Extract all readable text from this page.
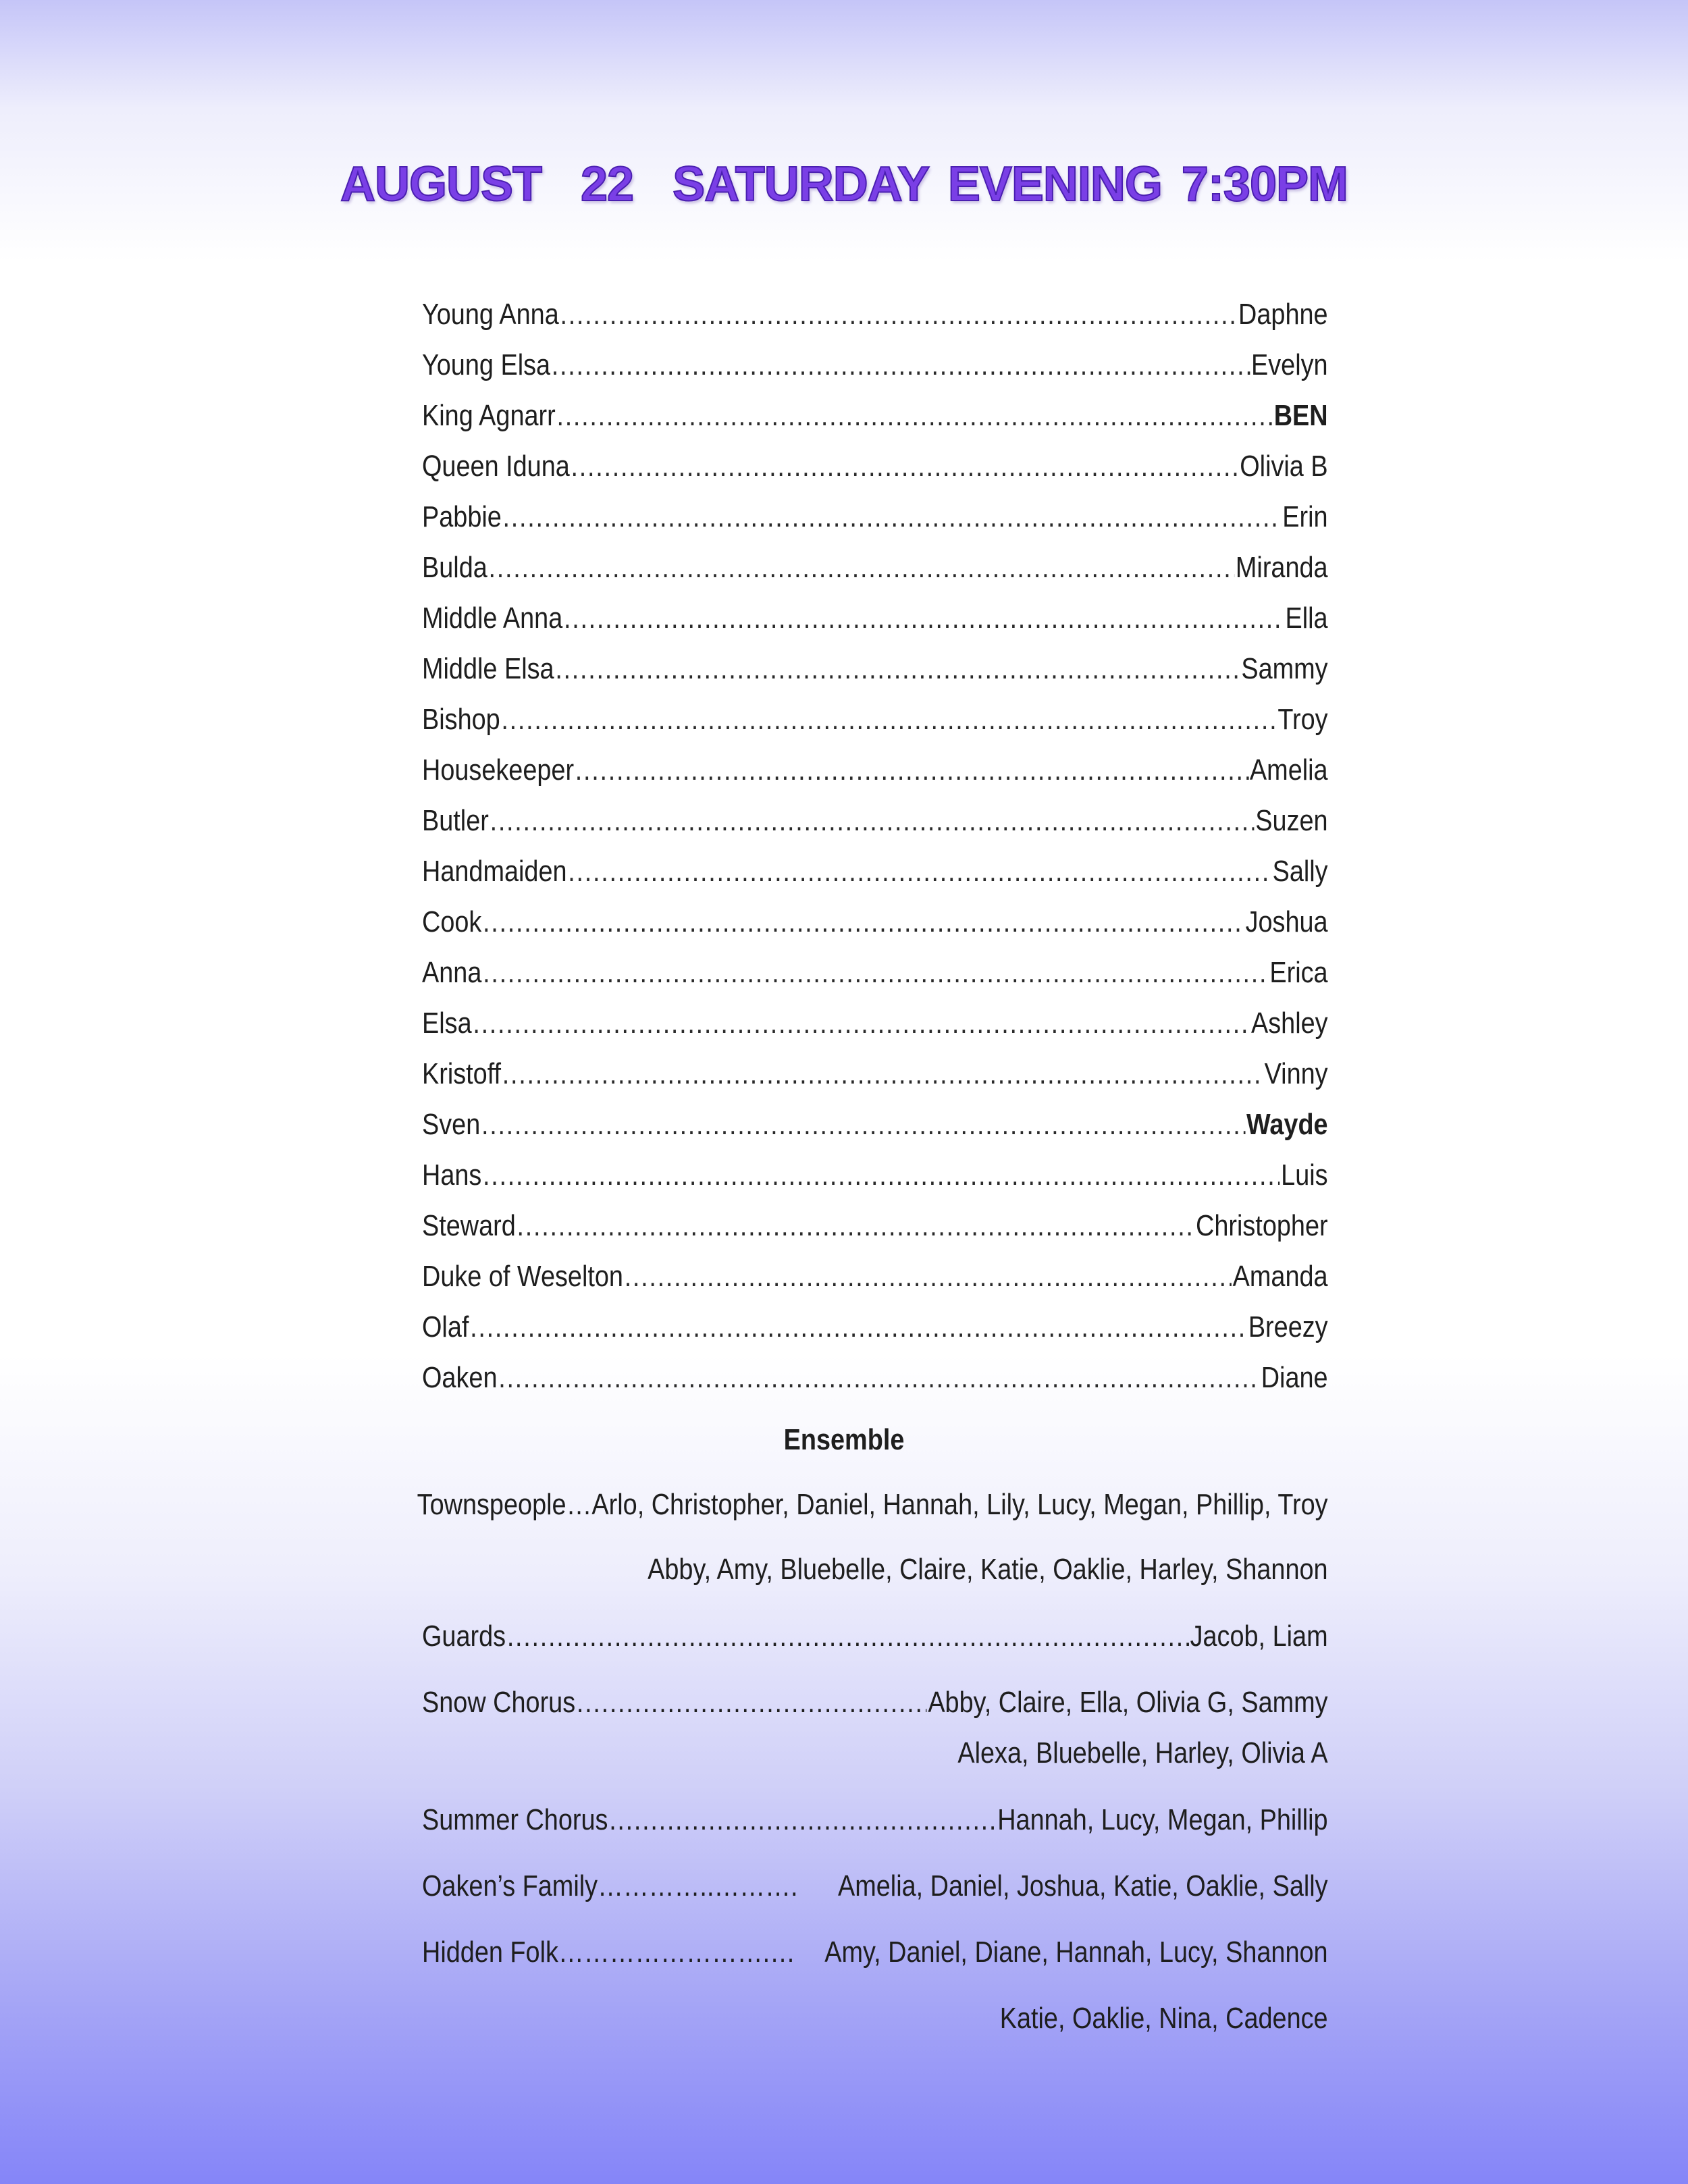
AUGUST  22  SATURDAY EVENING 7:30PM
Young Anna .....	Daphne
Young Elsa .....	Evelyn
King Agnarr .....	BEN
Queen Iduna .....	Olivia B
Pabbie .....	Erin
Bulda .....	Miranda
Middle Anna .....	Ella
Middle Elsa .....	Sammy
Bishop .....	Troy
Housekeeper .....	Amelia
Butler .....	Suzen
Handmaiden .....	Sally
Cook .....	Joshua
Anna .....	Erica
Elsa .....	Ashley
Kristoff .....	Vinny
Sven .....	Wayde
Hans .....	Luis
Steward .....	Christopher
Duke of Weselton .....	Amanda
Olaf .....	Breezy
Oaken .....	Diane
Ensemble
Townspeople … Arlo, Christopher, Daniel, Hannah, Lily, Lucy, Megan, Phillip, Troy
Abby, Amy, Bluebelle, Claire, Katie, Oaklie, Harley, Shannon
Guards .....	Jacob, Liam
Snow Chorus .....	Abby, Claire, Ella, Olivia G, Sammy
Alexa, Bluebelle, Harley, Olivia A
Summer Chorus .....	Hannah, Lucy, Megan, Phillip
Oaken’s Family …………..………. Amelia, Daniel, Joshua, Katie, Oaklie, Sally
Hidden Folk …………………….… Amy, Daniel, Diane, Hannah, Lucy, Shannon
Katie, Oaklie, Nina, Cadence
